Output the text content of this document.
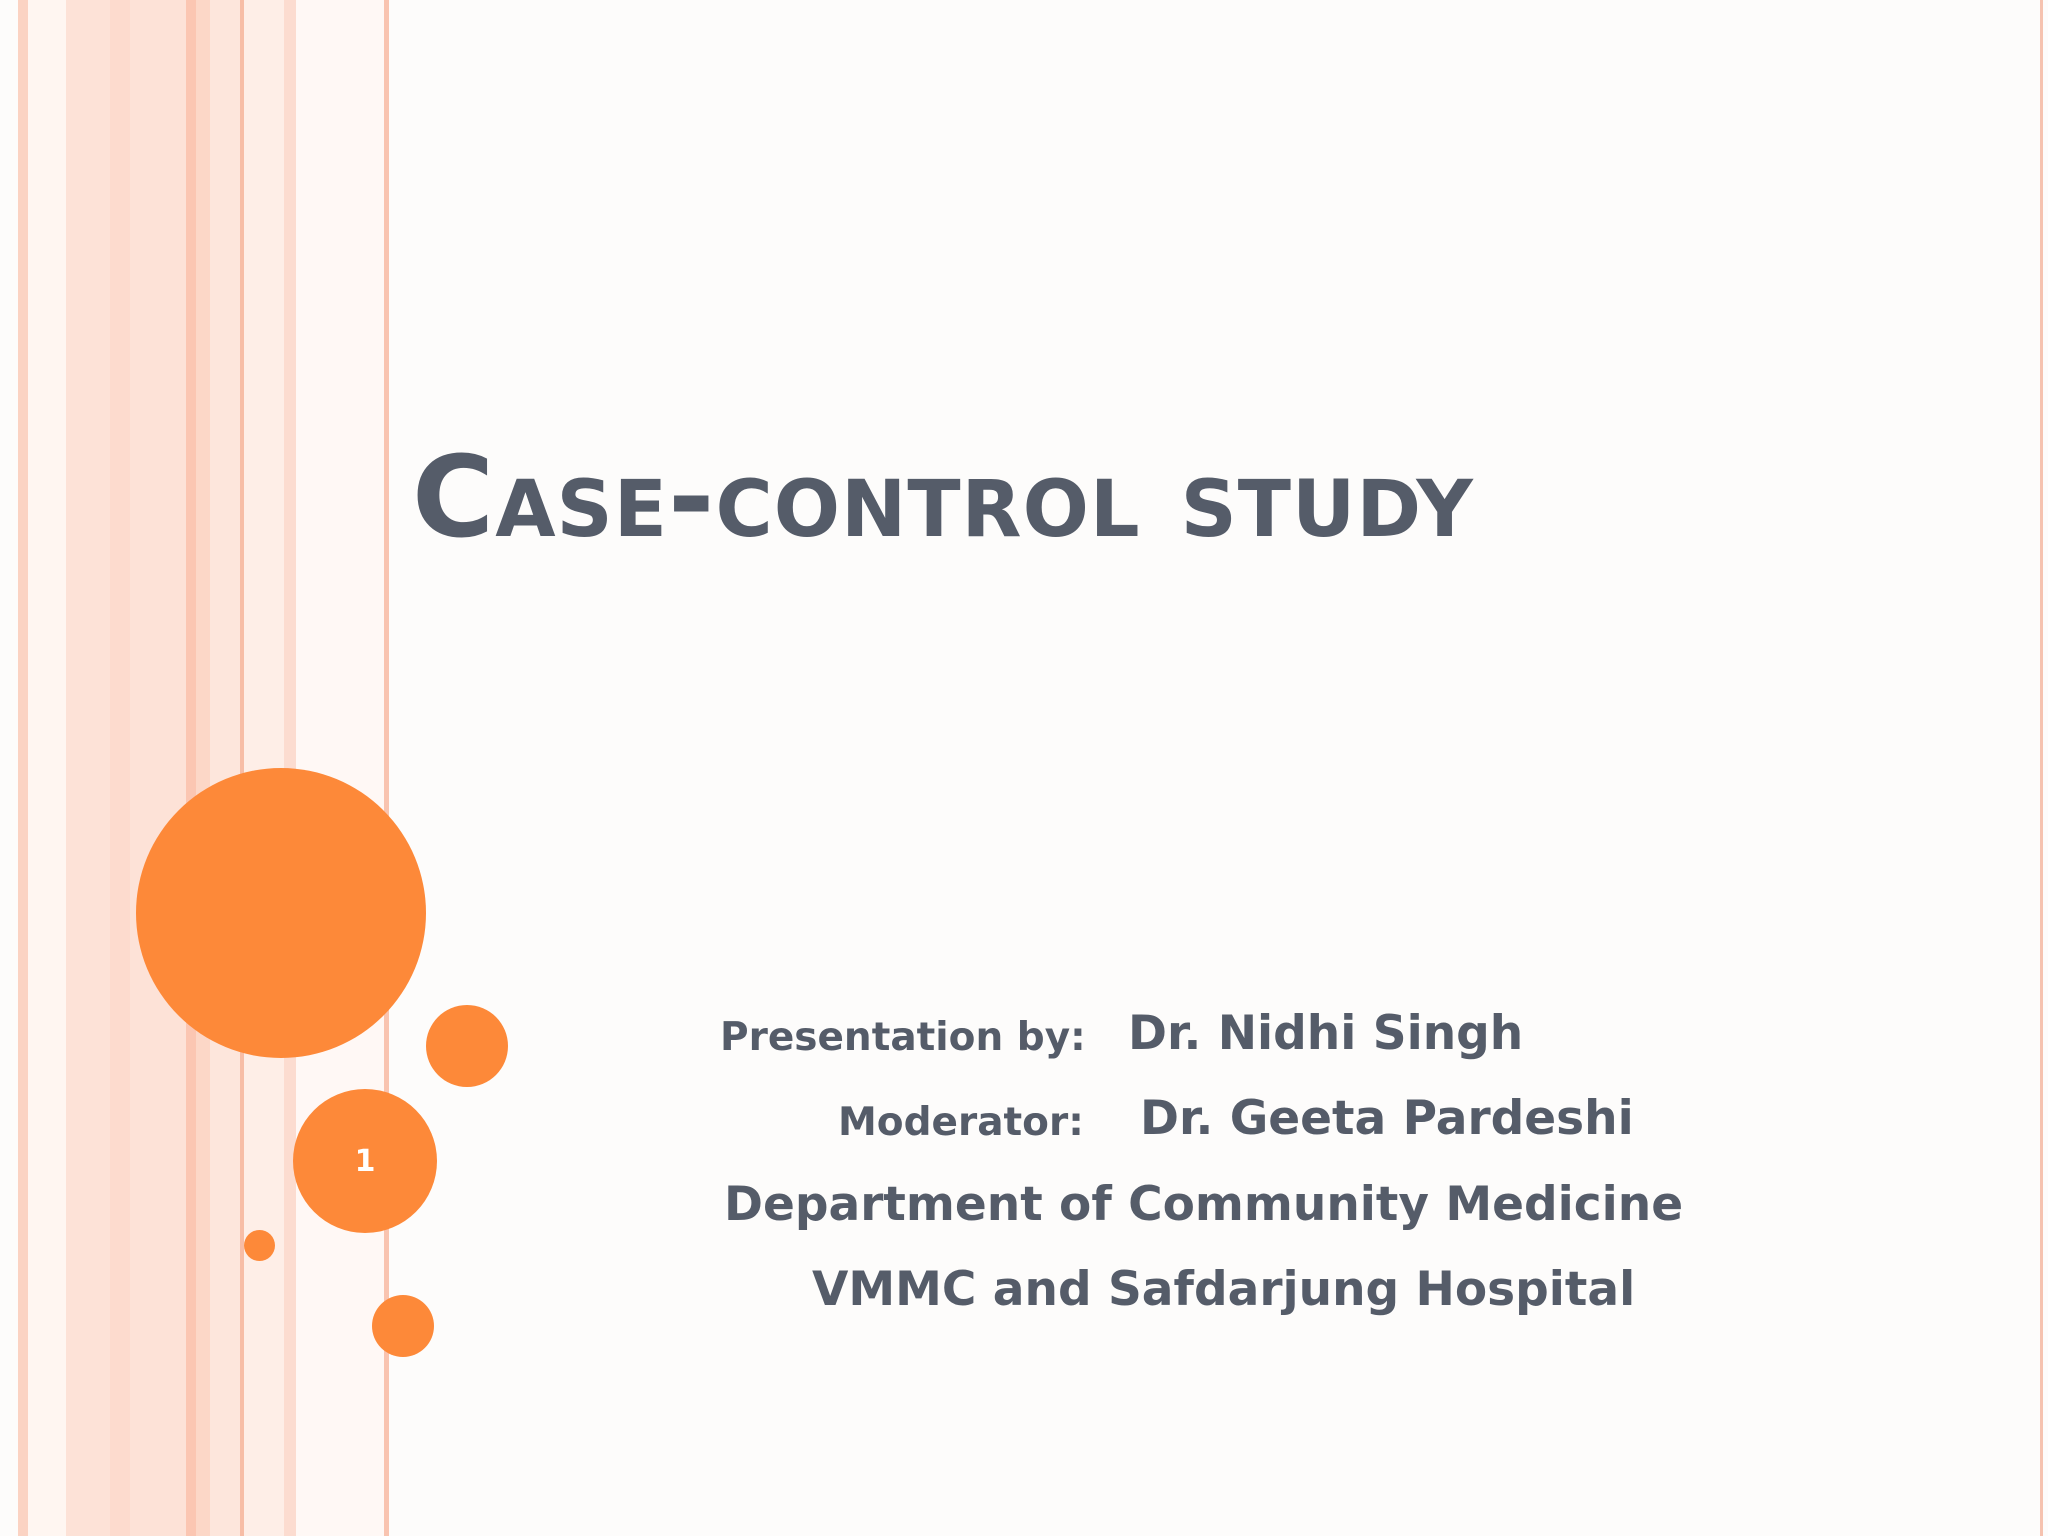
1
Case-control study
Presentation by: Dr. Nidhi Singh
Moderator: Dr. Geeta Pardeshi
Department of Community Medicine
VMMC and Safdarjung Hospital
